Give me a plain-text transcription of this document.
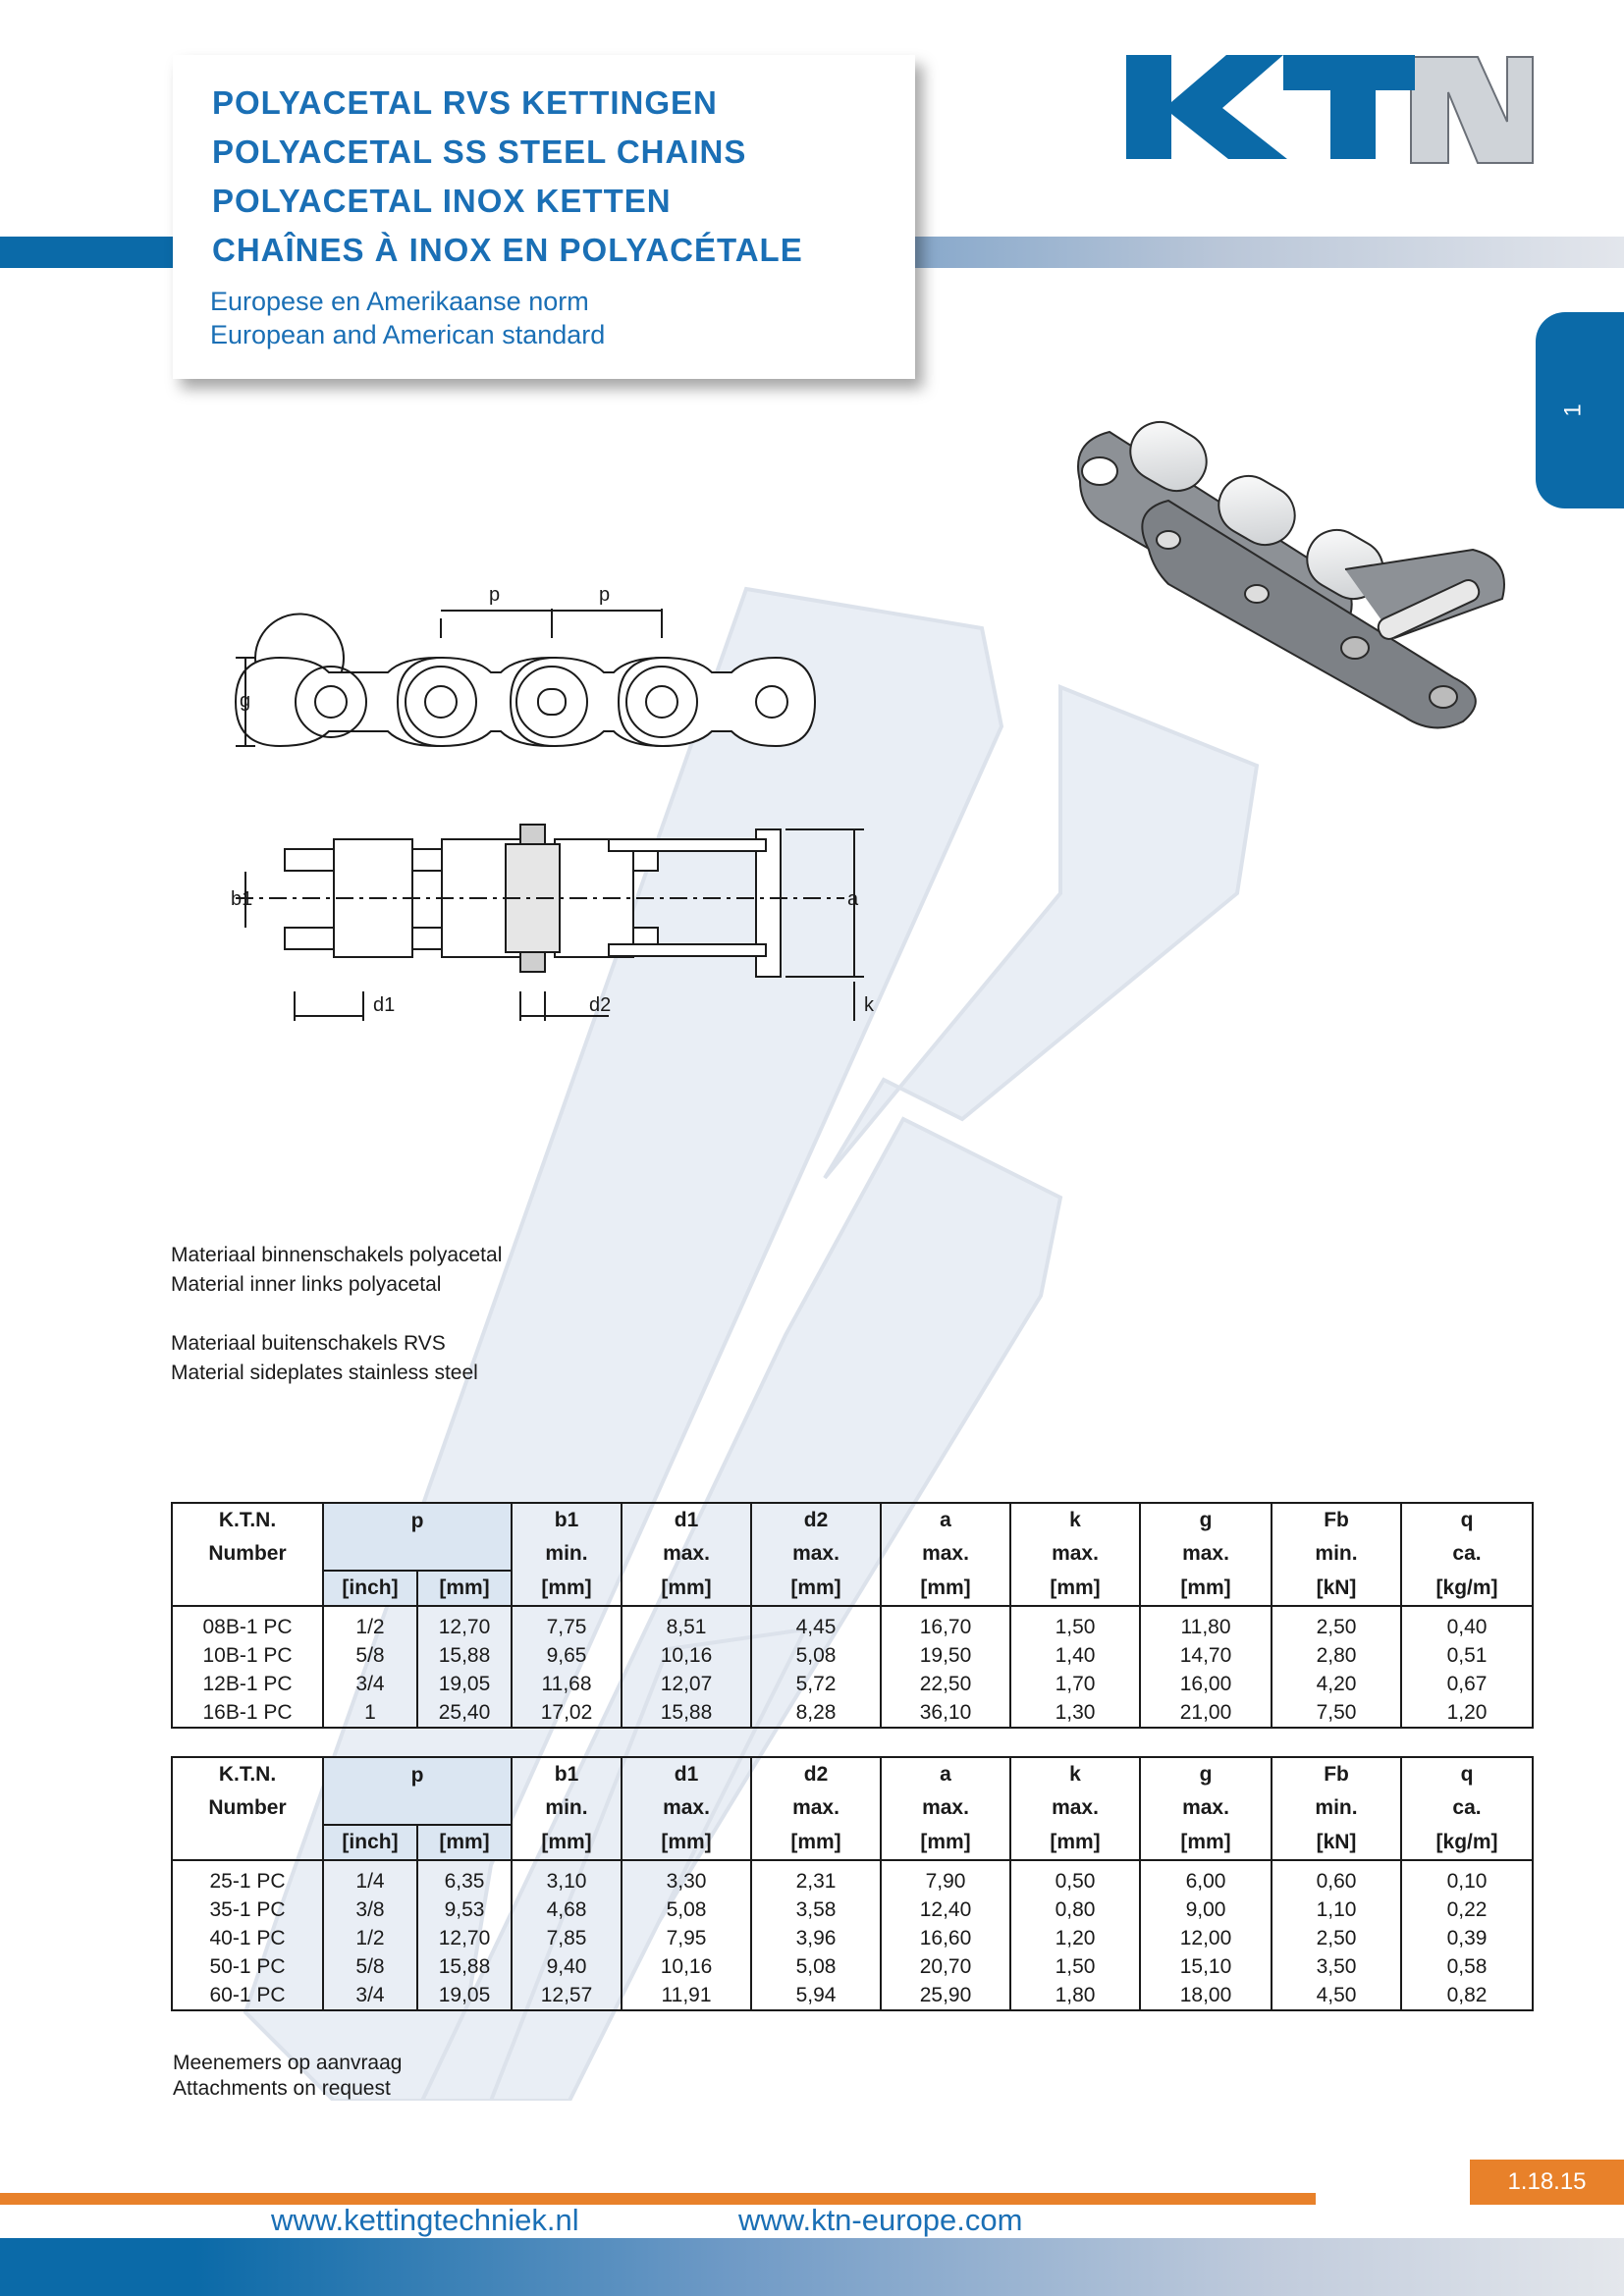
POLYACETAL RVS KETTINGEN
POLYACETAL SS STEEL CHAINS
POLYACETAL INOX KETTEN
CHAÎNES À INOX EN POLYACÉTALE
Europese en Amerikaanse norm
European and American standard
1
p	p
g
b1	a
d1	d2	k
Materiaal binnenschakels polyacetal
Material inner links polyacetal
Materiaal buitenschakels RVS
Material sideplates stainless steel
K.T.N.	p		b1	d1	d2	a	k	g	Fb	q
Number			min.	max.	max.	max.	max.	max.	min.	ca.
	[inch]	[mm]	[mm]	[mm]	[mm]	[mm]	[mm]	[mm]	[kN]	[kg/m]
08B-1 PC	1/2	12,70	7,75	8,51	4,45	16,70	1,50	11,80	2,50	0,40
10B-1 PC	5/8	15,88	9,65	10,16	5,08	19,50	1,40	14,70	2,80	0,51
12B-1 PC	3/4	19,05	11,68	12,07	5,72	22,50	1,70	16,00	4,20	0,67
16B-1 PC	1	25,40	17,02	15,88	8,28	36,10	1,30	21,00	7,50	1,20
K.T.N.	p		b1	d1	d2	a	k	g	Fb	q
Number			min.	max.	max.	max.	max.	max.	min.	ca.
	[inch]	[mm]	[mm]	[mm]	[mm]	[mm]	[mm]	[mm]	[kN]	[kg/m]
25-1 PC	1/4	6,35	3,10	3,30	2,31	7,90	0,50	6,00	0,60	0,10
35-1 PC	3/8	9,53	4,68	5,08	3,58	12,40	0,80	9,00	1,10	0,22
40-1 PC	1/2	12,70	7,85	7,95	3,96	16,60	1,20	12,00	2,50	0,39
50-1 PC	5/8	15,88	9,40	10,16	5,08	20,70	1,50	15,10	3,50	0,58
60-1 PC	3/4	19,05	12,57	11,91	5,94	25,90	1,80	18,00	4,50	0,82
Meenemers op aanvraag
Attachments on request
1.18.15
www.kettingtechniek.nl	www.ktn-europe.com
